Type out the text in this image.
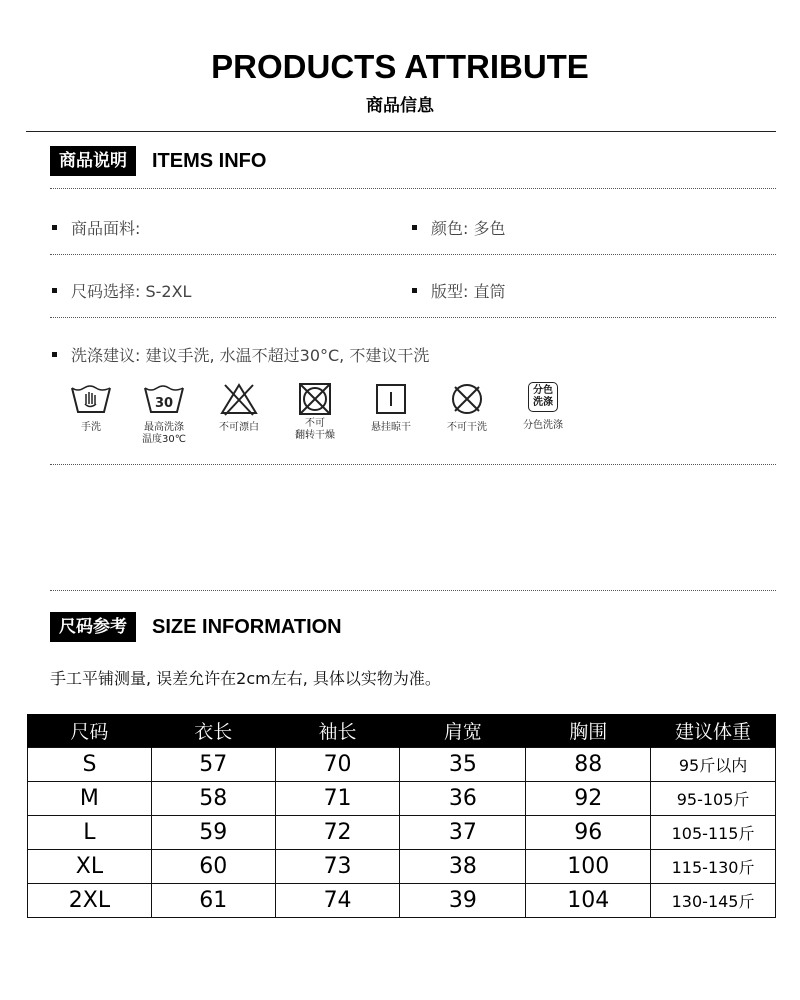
PRODUCTS ATTRIBUTE
商品信息
商品说明	ITEMS INFO
商品面料:	颜色: 多色
尺码选择: S-2XL	版型: 直筒
洗涤建议: 建议手洗, 水温不超过30°C, 不建议干洗
手洗
30
最高洗涤
温度30℃
不可漂白	不可
翻转干燥
悬挂晾干	不可干洗
分色
洗涤
分色洗涤
尺码参考	SIZE INFORMATION
手工平铺测量, 误差允许在2cm左右, 具体以实物为准。
尺码	衣长	袖长	肩宽	胸围	建议体重
S	57	70	35	88	95斤以内
M	58	71	36	92	95-105斤
L	59	72	37	96	105-115斤
XL	60	73	38	100	115-130斤
2XL	61	74	39	104	130-145斤
